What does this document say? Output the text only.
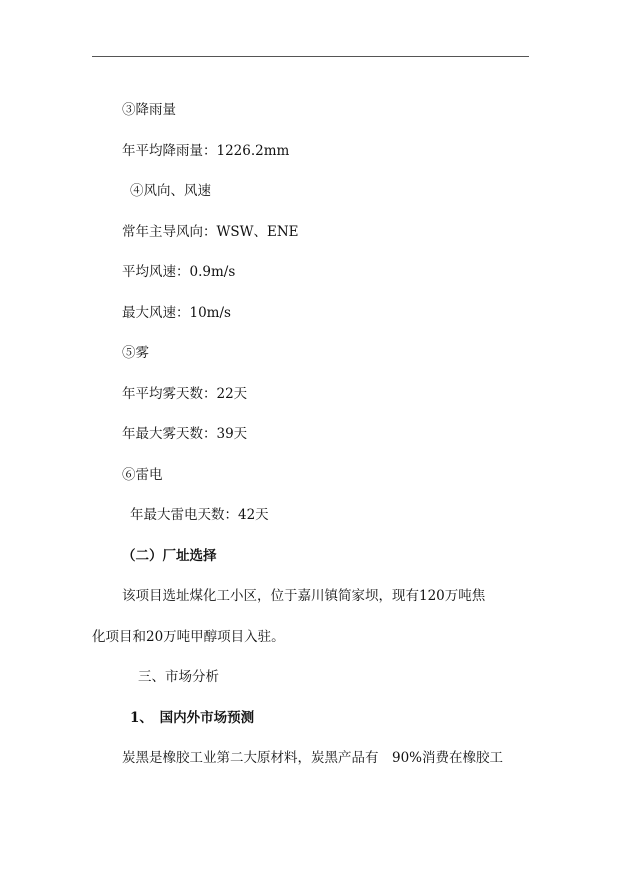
③降雨量
年平均降雨量：1226.2mm
④风向、风速
常年主导风向：WSW、ENE
平均风速：0.9m/s
最大风速：10m/s
⑤雾
年平均雾天数：22天
年最大雾天数：39天
⑥雷电
年最大雷电天数：42天
（二）厂址选择
该项目选址煤化工小区，位于嘉川镇简家坝，现有120万吨焦
化项目和20万吨甲醇项目入驻。
三、市场分析
1、　国内外市场预测
炭黑是橡胶工业第二大原材料，炭黑产品有　90%消费在橡胶工
